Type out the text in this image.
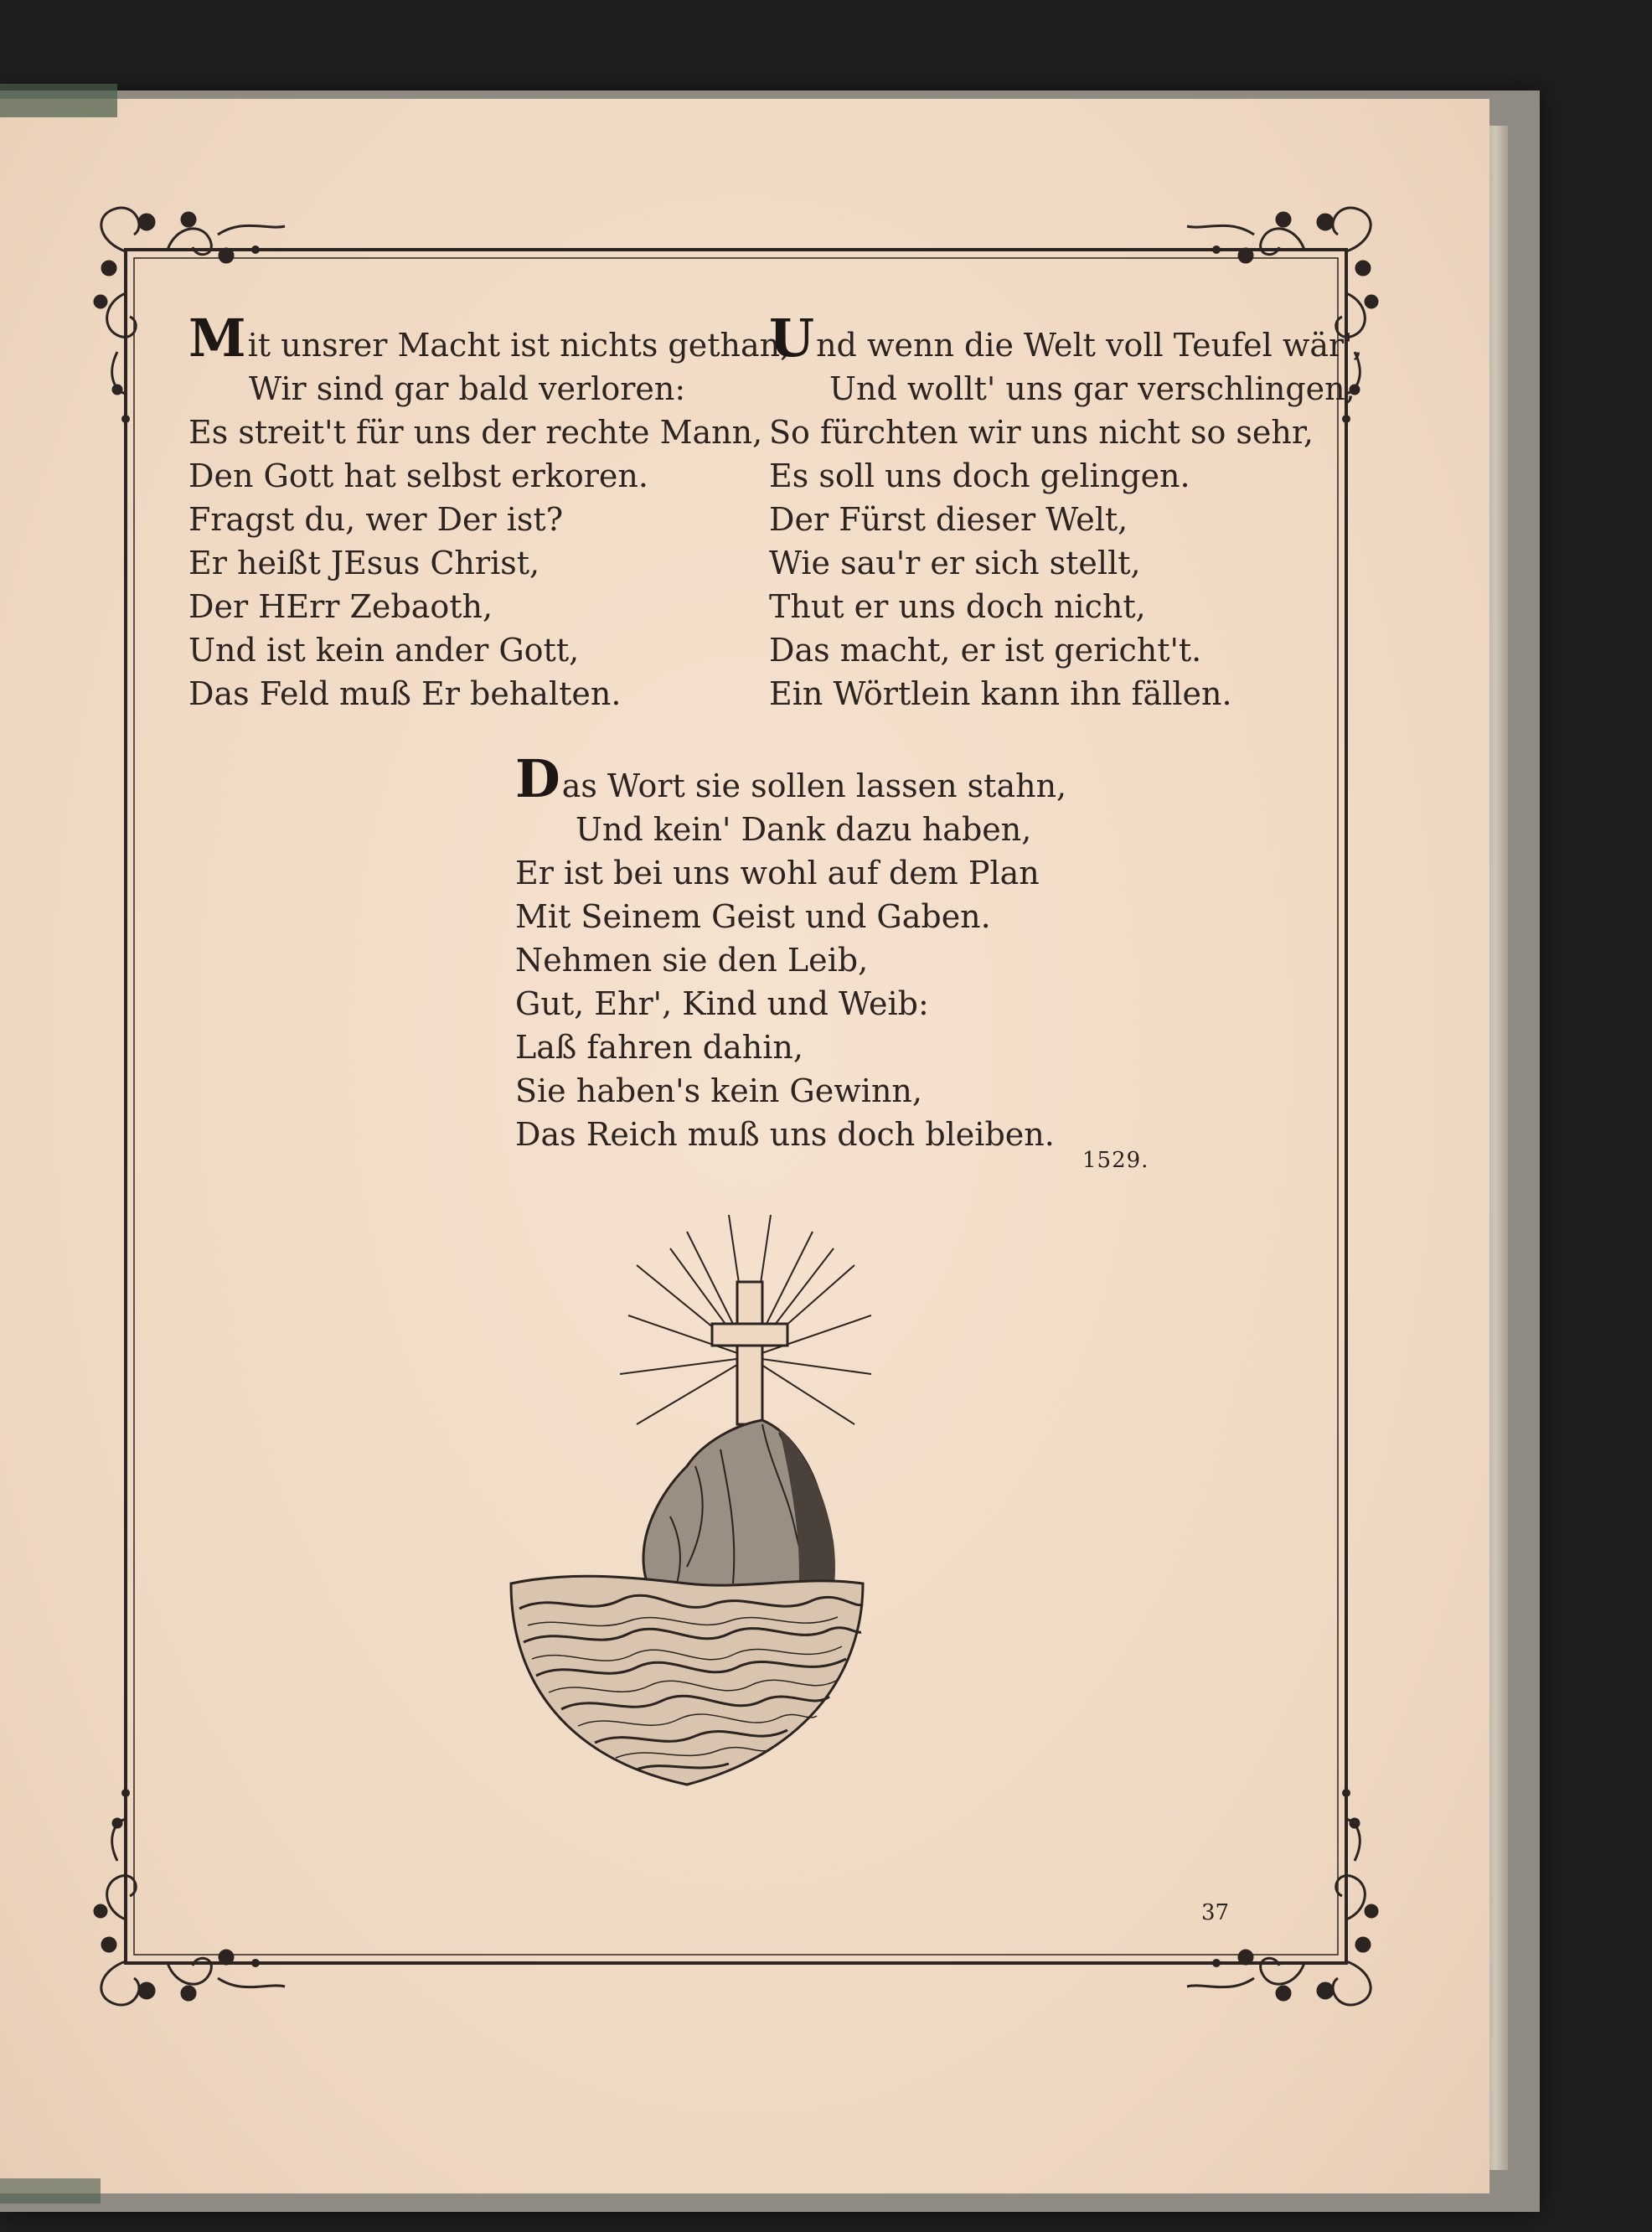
Mit unsrer Macht ist nichts gethan,
Wir sind gar bald verloren:
Es streit't für uns der rechte Mann,
Den Gott hat selbst erkoren.
Fragst du, wer Der ist?
Er heißt JEsus Christ,
Der HErr Zebaoth,
Und ist kein ander Gott,
Das Feld muß Er behalten.
Und wenn die Welt voll Teufel wär',
Und wollt' uns gar verschlingen,
So fürchten wir uns nicht so sehr,
Es soll uns doch gelingen.
Der Fürst dieser Welt,
Wie sau'r er sich stellt,
Thut er uns doch nicht,
Das macht, er ist gericht't.
Ein Wörtlein kann ihn fällen.
Das Wort sie sollen lassen stahn,
Und kein' Dank dazu haben,
Er ist bei uns wohl auf dem Plan
Mit Seinem Geist und Gaben.
Nehmen sie den Leib,
Gut, Ehr', Kind und Weib:
Laß fahren dahin,
Sie haben's kein Gewinn,
Das Reich muß uns doch bleiben.
1529.
37
